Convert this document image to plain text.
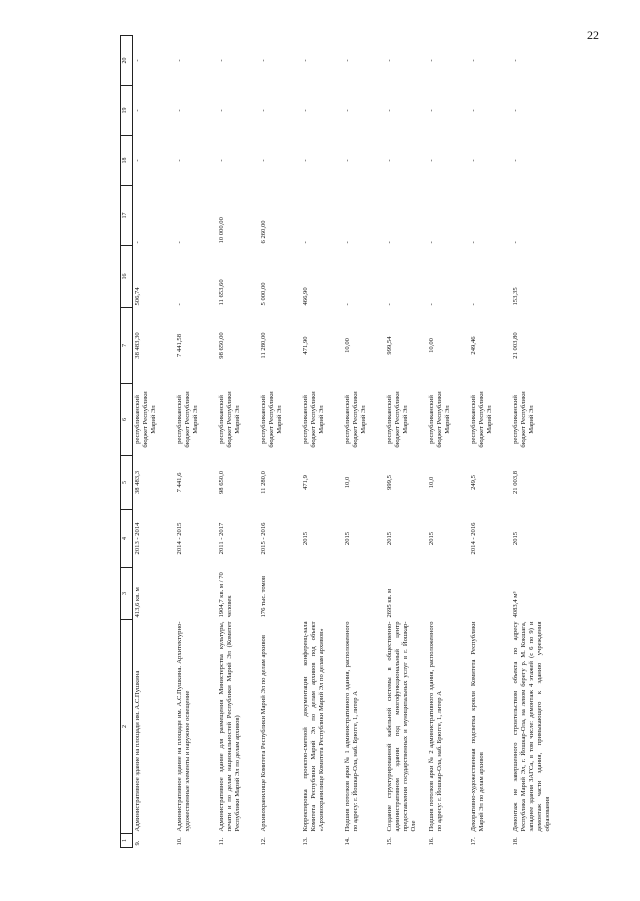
22
1	2	3	4	5	6	7	16	17	18	19	20
9.	Административное здание на площади им. А.С.Пушкина	413,6 кв. м	2013 - 2014	38 483,3	республиканский бюджет Республики Марий Эл	38 483,30	506,74	-	-	-	-
10.	Административное здание на площади им. А.С.Пушкина. Архитектурно-художественные элементы и наружное освещение		2014 - 2015	7 441,6	республиканский бюджет Республики Марий Эл	7 441,58	-	-	-	-	-
11.	Административное здание для размещения Министерства культуры, печати и по делам национальностей Республики Марий Эл (Комитет Республики Марий Эл по делам архивов)	1904,7 кв. м / 70 человек	2011 - 2017	98 650,0	республиканский бюджет Республики Марий Эл	98 650,00	11 653,60	10 000,00	-	-	-
12.	Архивохранилище Комитета Республики Марий Эл по делам архивов	176 тыс. томов	2015 - 2016	11 280,0	республиканский бюджет Республики Марий Эл	11 280,00	5 000,00	6 260,00	-	-	-
13.	Корректировка проектно-сметной документации конференц-зала Комитета Республики Марий Эл по делам архивов под объект «Архивохранилище Комитета Республики Марий Эл по делам архивов»		2015	471,9	республиканский бюджет Республики Марий Эл	471,90	466,90	-	-	-	-
14.	Подшив потолков арки № 1 административного здания, расположенного по адресу: г. Йошкар-Ола, наб. Брюгге, 1, литер А		2015	10,0	республиканский бюджет Республики Марий Эл	10,00	-	-	-	-	-
15.	Создание структурированной кабельной системы в общественно-административном здании под многофункциональный центр предоставления государственных и муниципальных услуг в г. Йошкар-Оле	2695 кв. м	2015	999,5	республиканский бюджет Республики Марий Эл	999,54	-	-	-	-	-
16.	Подшив потолков арки № 2 административного здания, расположенного по адресу: г. Йошкар-Ола, наб. Брюгге, 1, литер А		2015	10,0	республиканский бюджет Республики Марий Эл	10,00	-	-	-	-	-
17.	Декоративно-художественная подсветка кровли Комитета Республики Марий Эл по делам архивов		2014 - 2016	249,5	республиканский бюджет Республики Марий Эл	249,46	-	-	-	-	-
18.	Демонтаж не завершенного строительством объекта по адресу Республика Марий Эл, г. Йошкар-Ола, на левом берегу р. М. Кокшага, западнее здания ЗАГСа, в том числе: демонтаж 4 этажей (с 6 по 9) и демонтаж части здания, примыкающего к зданию учреждения образования	4083,4 м³	2015	21 003,8	республиканский бюджет Республики Марий Эл	21 003,80	153,35	-	-	-	-
